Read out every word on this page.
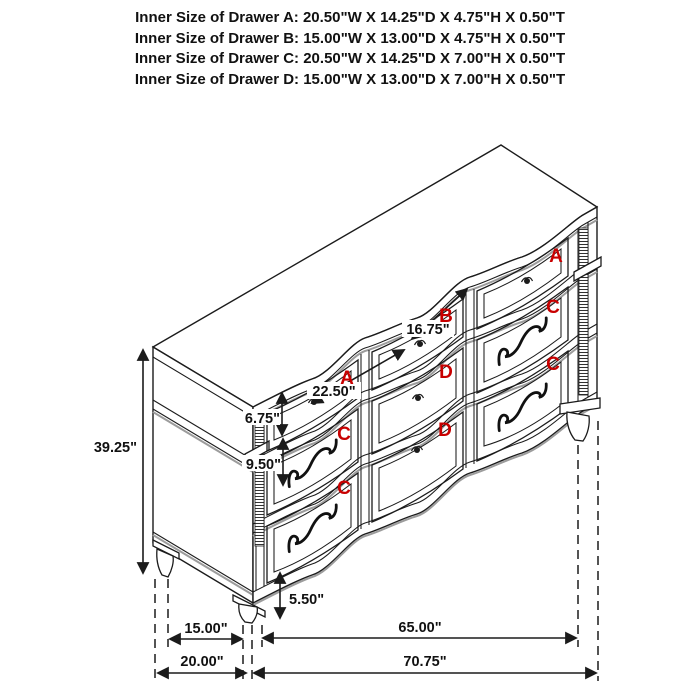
Inner Size of Drawer A: 20.50"W X 14.25"D X 4.75"H X 0.50"T
Inner Size of Drawer B: 15.00"W X 13.00"D X 4.75"H X 0.50"T
Inner Size of Drawer C: 20.50"W X 14.25"D X 7.00"H X 0.50"T
Inner Size of Drawer D: 15.00"W X 13.00"D X 7.00"H X 0.50"T
39.25"
22.50"
16.75"
6.75"
9.50"
5.50"
15.00"	65.00"
20.00"	70.75"
A
B
A
C
D
C
C
D
C
